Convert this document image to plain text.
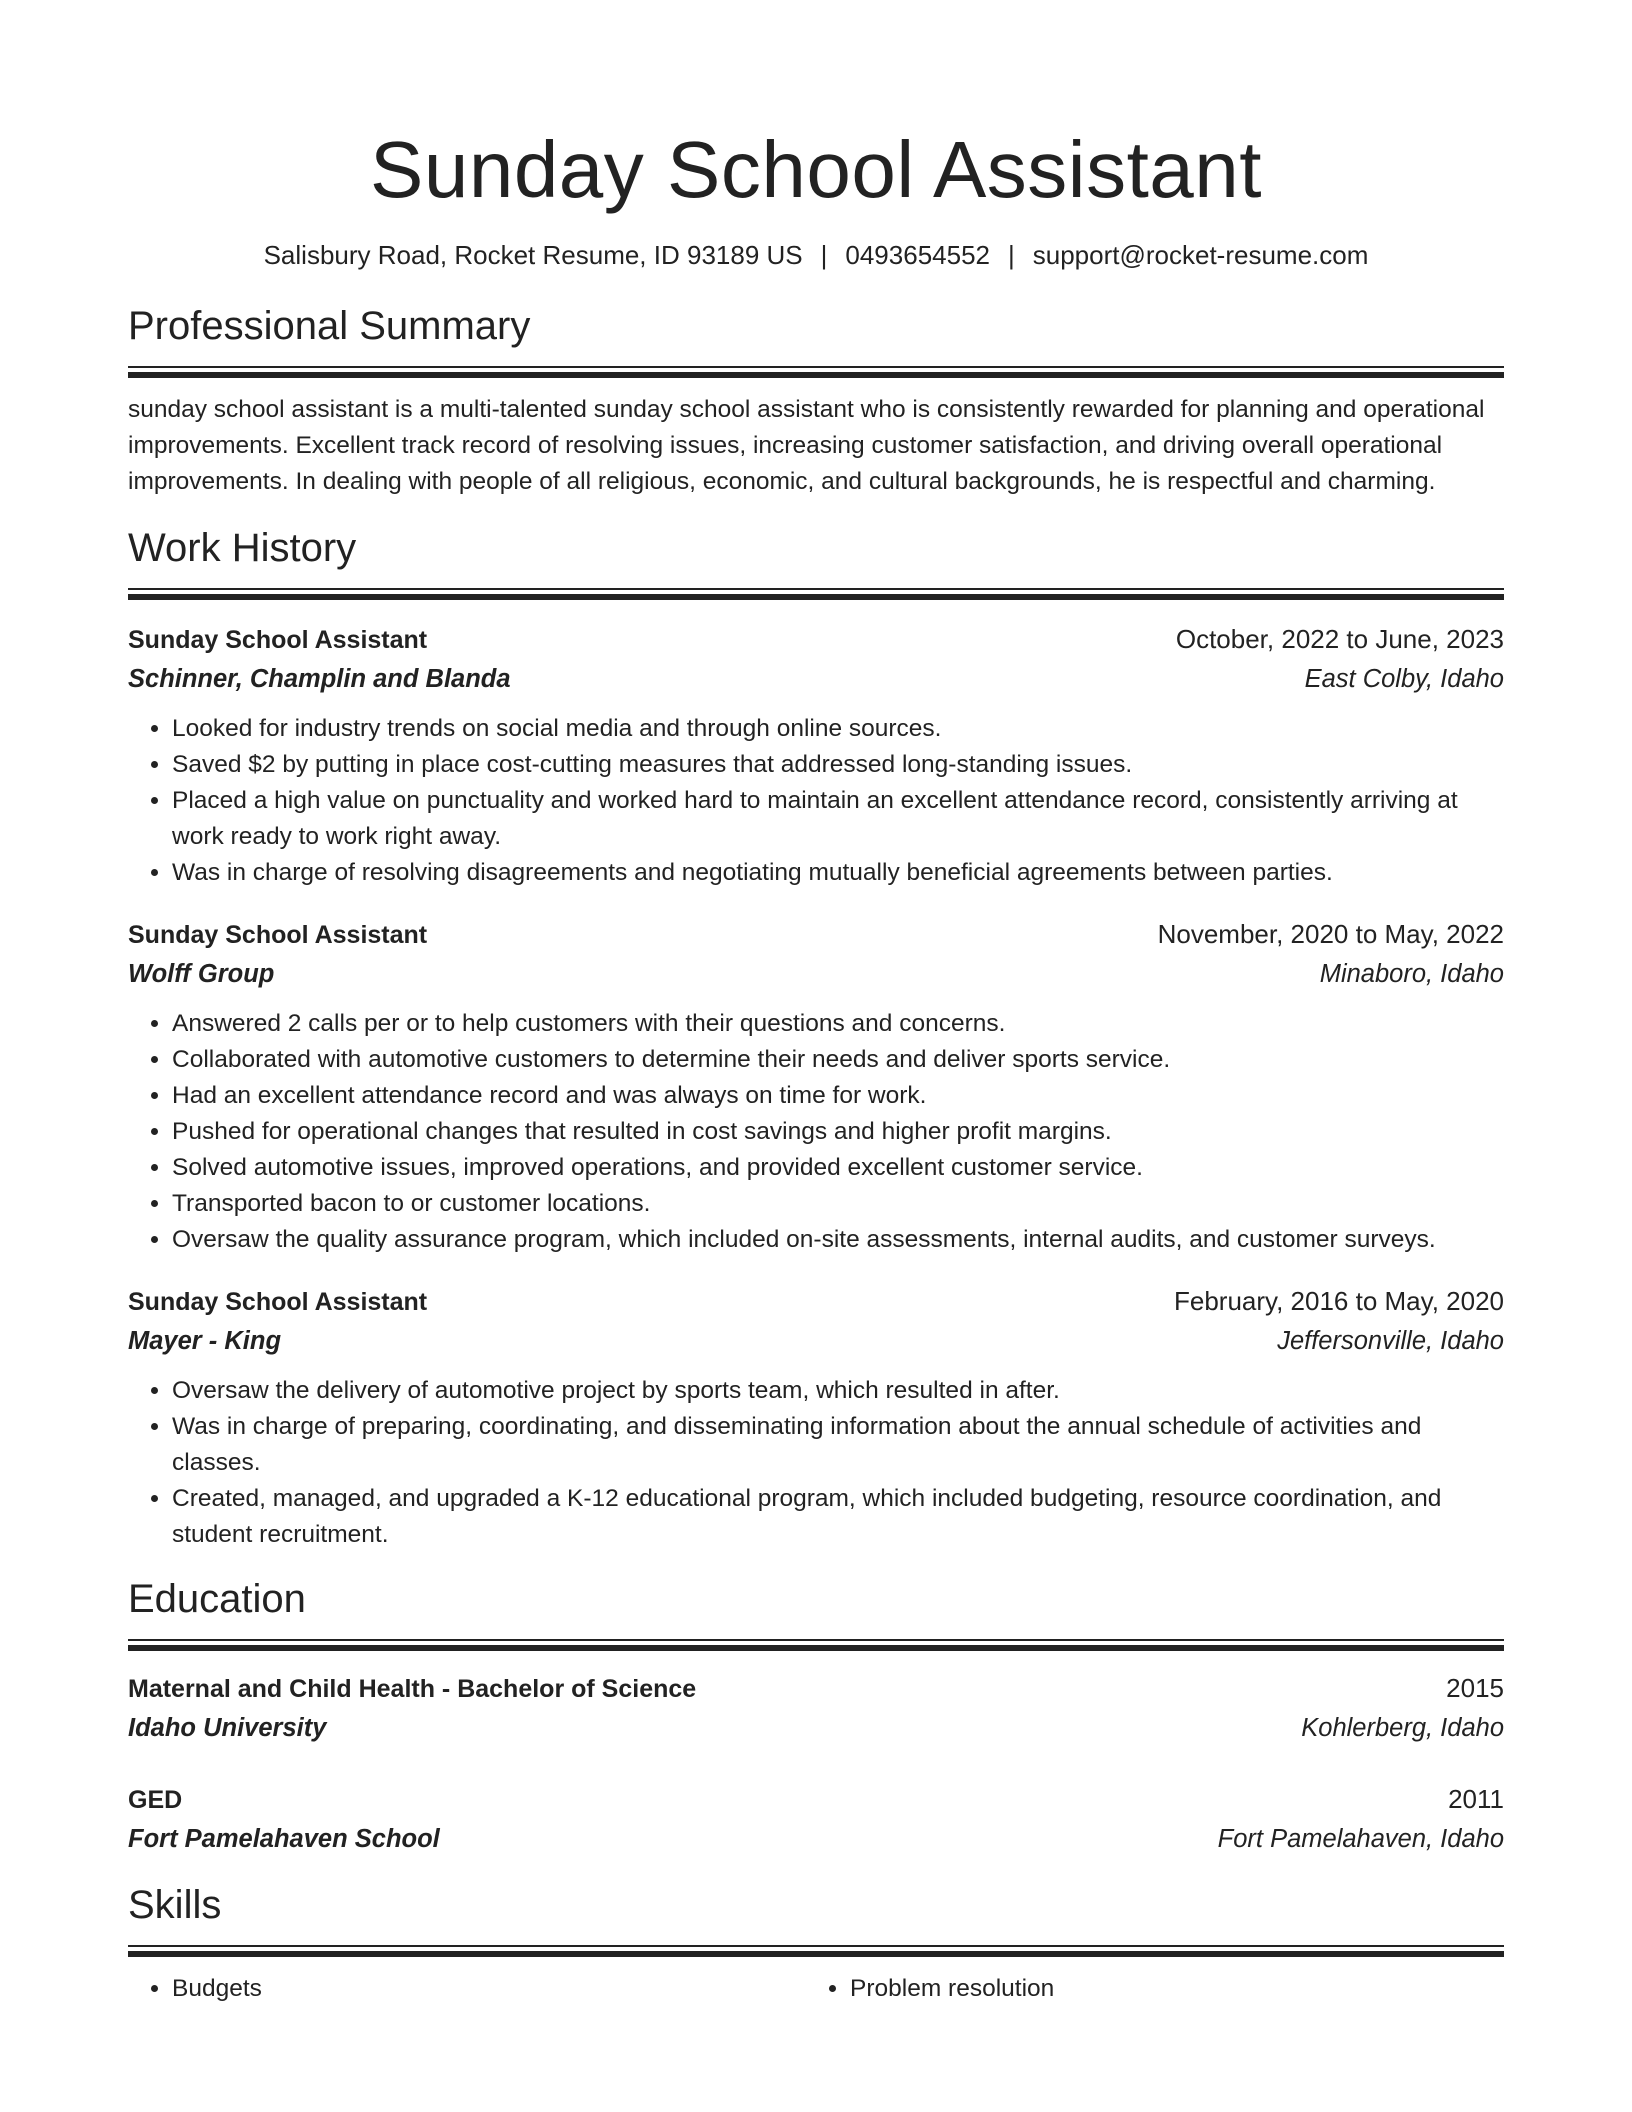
Sunday School Assistant
Salisbury Road, Rocket Resume, ID 93189 US | 0493654552 | support@rocket-resume.com
Professional Summary
sunday school assistant is a multi-talented sunday school assistant who is consistently rewarded for planning and operational improvements. Excellent track record of resolving issues, increasing customer satisfaction, and driving overall operational improvements. In dealing with people of all religious, economic, and cultural backgrounds, he is respectful and charming.
Work History
Sunday School Assistant	October, 2022 to June, 2023
Schinner, Champlin and Blanda	East Colby, Idaho
• Looked for industry trends on social media and through online sources.
• Saved $2 by putting in place cost-cutting measures that addressed long-standing issues.
• Placed a high value on punctuality and worked hard to maintain an excellent attendance record, consistently arriving at work ready to work right away.
• Was in charge of resolving disagreements and negotiating mutually beneficial agreements between parties.
Sunday School Assistant	November, 2020 to May, 2022
Wolff Group	Minaboro, Idaho
• Answered 2 calls per or to help customers with their questions and concerns.
• Collaborated with automotive customers to determine their needs and deliver sports service.
• Had an excellent attendance record and was always on time for work.
• Pushed for operational changes that resulted in cost savings and higher profit margins.
• Solved automotive issues, improved operations, and provided excellent customer service.
• Transported bacon to or customer locations.
• Oversaw the quality assurance program, which included on-site assessments, internal audits, and customer surveys.
Sunday School Assistant	February, 2016 to May, 2020
Mayer - King	Jeffersonville, Idaho
• Oversaw the delivery of automotive project by sports team, which resulted in after.
• Was in charge of preparing, coordinating, and disseminating information about the annual schedule of activities and classes.
• Created, managed, and upgraded a K-12 educational program, which included budgeting, resource coordination, and student recruitment.
Education
Maternal and Child Health - Bachelor of Science	2015
Idaho University	Kohlerberg, Idaho
GED	2011
Fort Pamelahaven School	Fort Pamelahaven, Idaho
Skills
• Budgets
•	Problem resolution
